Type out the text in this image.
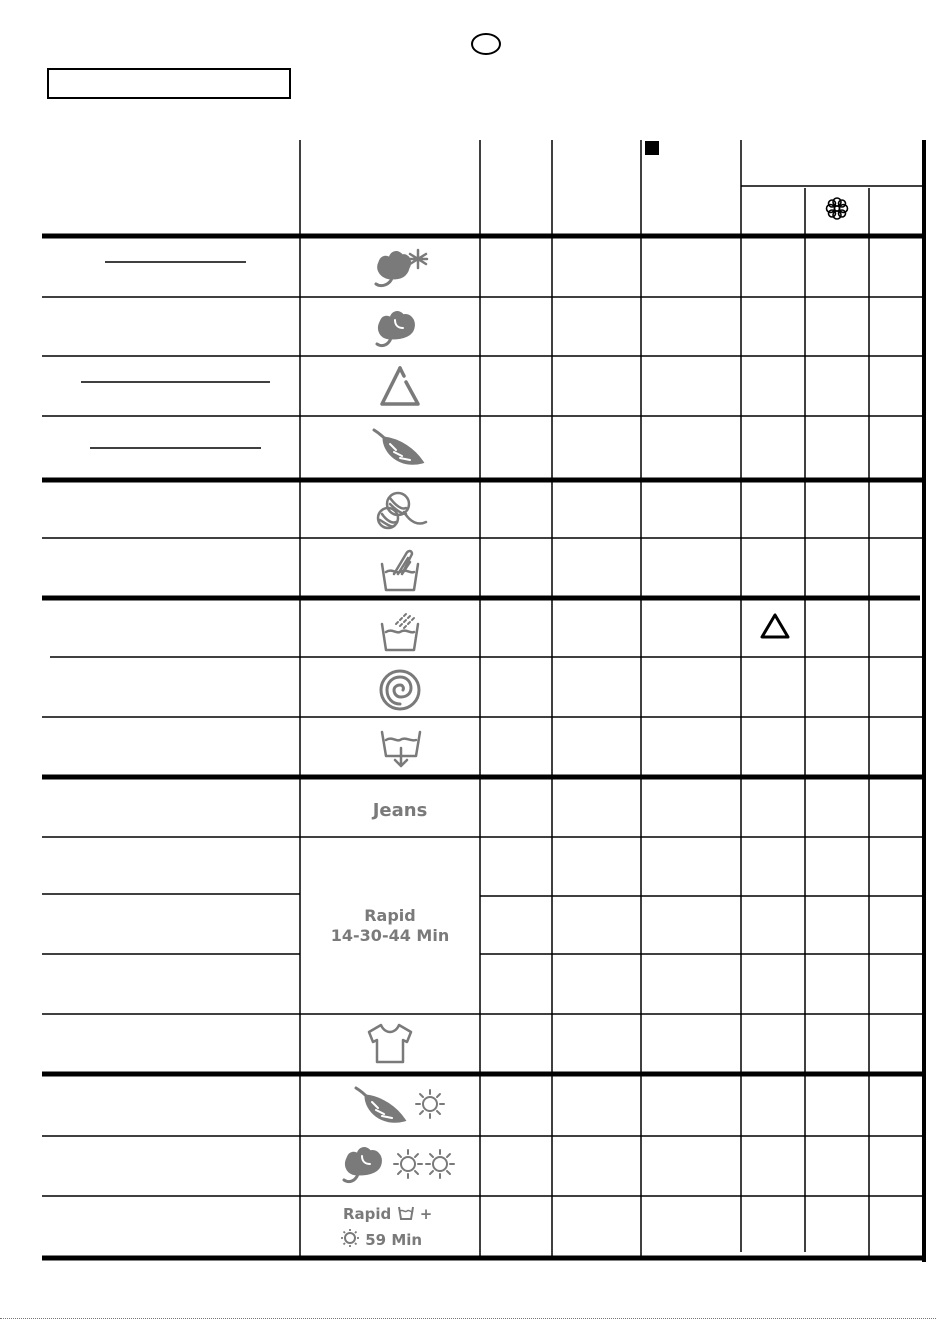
Jeans
Rapid
14-30-44 Min
Rapid +
59 Min
